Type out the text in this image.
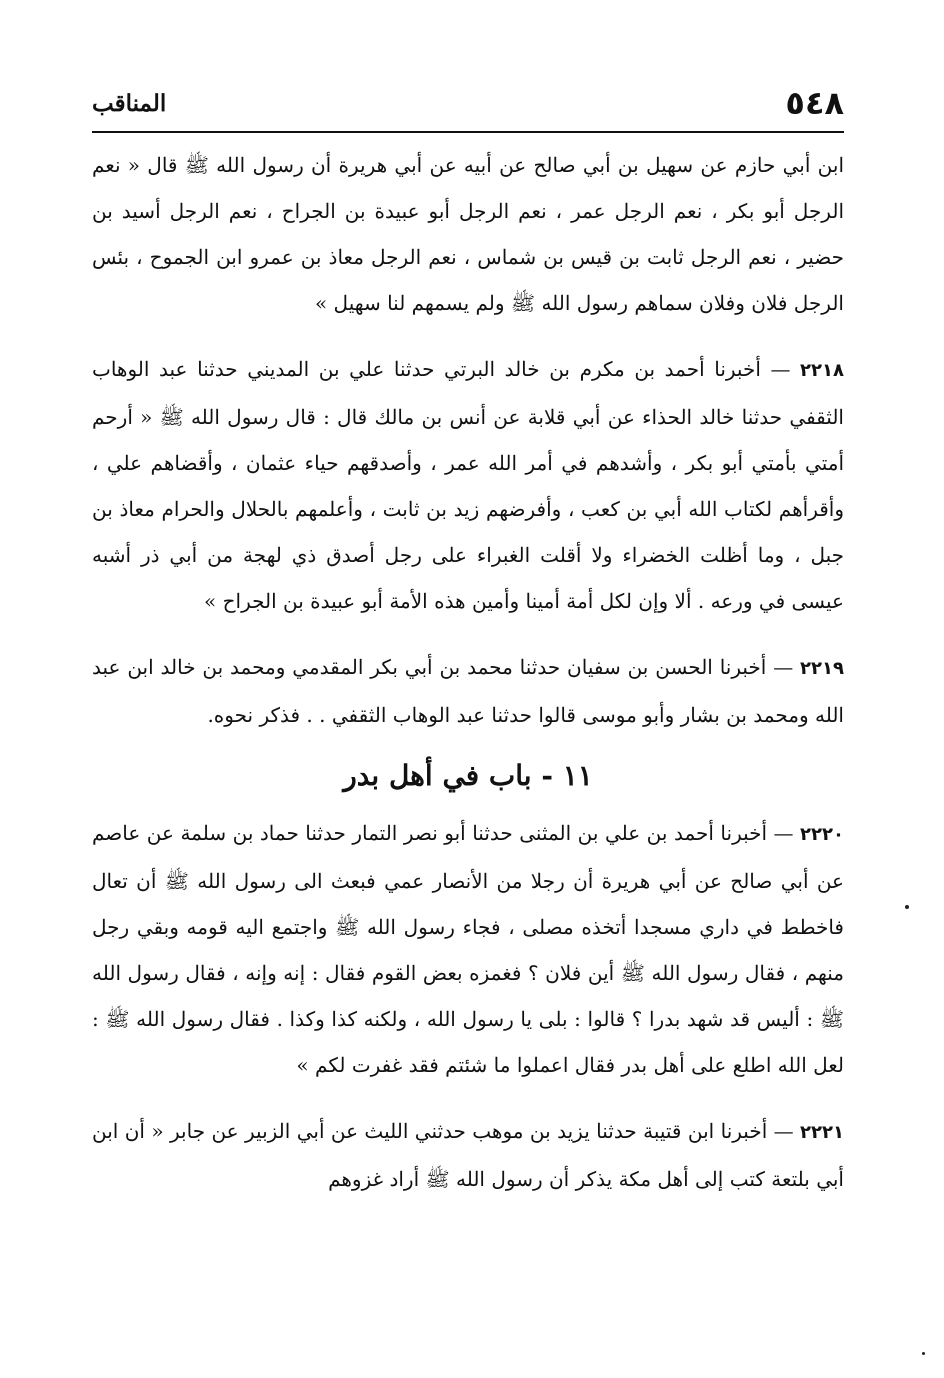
٥٤٨
المناقب

ابن أبي حازم عن سهيل بن أبي صالح عن أبيه عن أبي هريرة أن رسول الله ﷺ قال « نعم الرجل أبو بكر ، نعم الرجل عمر ، نعم الرجل أبو عبيدة بن الجراح ، نعم الرجل أسيد بن حضير ، نعم الرجل ثابت بن قيس بن شماس ، نعم الرجل معاذ بن عمرو ابن الجموح ، بئس الرجل فلان وفلان سماهم رسول الله ﷺ ولم يسمهم لنا سهيل »

٢٢١٨ — أخبرنا أحمد بن مكرم بن خالد البرتي حدثنا علي بن المديني حدثنا عبد الوهاب الثقفي حدثنا خالد الحذاء عن أبي قلابة عن أنس بن مالك قال : قال رسول الله ﷺ « أرحم أمتي بأمتي أبو بكر ، وأشدهم في أمر الله عمر ، وأصدقهم حياء عثمان ، وأقضاهم علي ، وأقرأهم لكتاب الله أبي بن كعب ، وأفرضهم زيد بن ثابت ، وأعلمهم بالحلال والحرام معاذ بن جبل ، وما أظلت الخضراء ولا أقلت الغبراء على رجل أصدق ذي لهجة من أبي ذر أشبه عيسى في ورعه . ألا وإن لكل أمة أمينا وأمين هذه الأمة أبو عبيدة بن الجراح »

٢٢١٩ — أخبرنا الحسن بن سفيان حدثنا محمد بن أبي بكر المقدمي ومحمد بن خالد ابن عبد الله ومحمد بن بشار وأبو موسى قالوا حدثنا عبد الوهاب الثقفي . . فذكر نحوه.

١١ - باب في أهل بدر

٢٢٢٠ — أخبرنا أحمد بن علي بن المثنى حدثنا أبو نصر التمار حدثنا حماد بن سلمة عن عاصم عن أبي صالح عن أبي هريرة أن رجلا من الأنصار عمي فبعث الى رسول الله ﷺ أن تعال فاخطط في داري مسجدا أتخذه مصلى ، فجاء رسول الله ﷺ واجتمع اليه قومه وبقي رجل منهم ، فقال رسول الله ﷺ أين فلان ؟ فغمزه بعض القوم فقال : إنه وإنه ، فقال رسول الله ﷺ : أليس قد شهد بدرا ؟ قالوا : بلى يا رسول الله ، ولكنه كذا وكذا . فقال رسول الله ﷺ : لعل الله اطلع على أهل بدر فقال اعملوا ما شئتم فقد غفرت لكم »

٢٢٢١ — أخبرنا ابن قتيبة حدثنا يزيد بن موهب حدثني الليث عن أبي الزبير عن جابر « أن ابن أبي بلتعة كتب إلى أهل مكة يذكر أن رسول الله ﷺ أراد غزوهم
